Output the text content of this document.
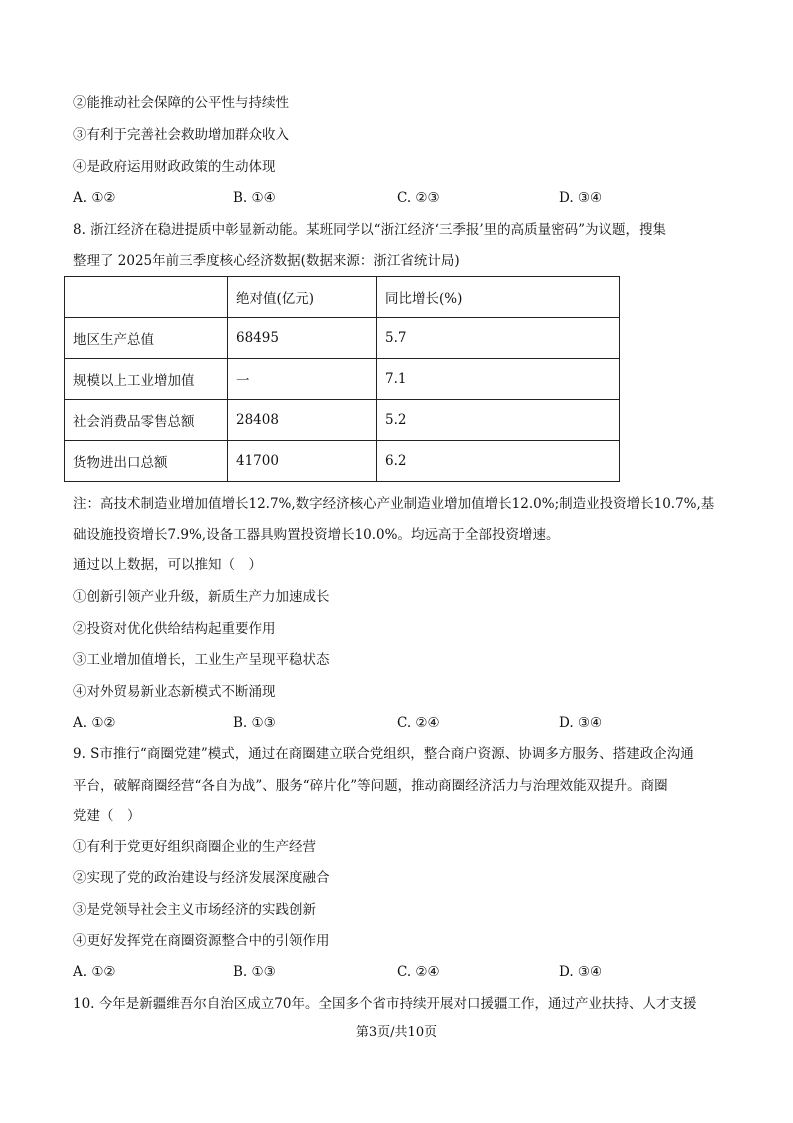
②能推动社会保障的公平性与持续性
③有利于完善社会救助增加群众收入
④是政府运用财政政策的生动体现
A. ①②	B. ①④	C. ②③	D. ③④
8. 浙江经济在稳进提质中彰显新动能。某班同学以“浙江经济‘三季报’里的高质量密码”为议题，搜集
整理了 2025年前三季度核心经济数据(数据来源：浙江省统计局)
	绝对值(亿元)	同比增长(%)
地区生产总值	68495	5.7
规模以上工业增加值	一	7.1
社会消费品零售总额	28408	5.2
货物进出口总额	41700	6.2
注：高技术制造业增加值增长12.7%,数字经济核心产业制造业增加值增长12.0%;制造业投资增长10.7%,基
础设施投资增长7.9%,设备工器具购置投资增长10.0%。均远高于全部投资增速。
通过以上数据，可以推知（　）
①创新引领产业升级，新质生产力加速成长
②投资对优化供给结构起重要作用
③工业增加值增长，工业生产呈现平稳状态
④对外贸易新业态新模式不断涌现
A. ①②	B. ①③	C. ②④	D. ③④
9. S市推行“商圈党建”模式，通过在商圈建立联合党组织，整合商户资源、协调多方服务、搭建政企沟通
平台，破解商圈经营“各自为战”、服务“碎片化”等问题，推动商圈经济活力与治理效能双提升。商圈
党建（　）
①有利于党更好组织商圈企业的生产经营
②实现了党的政治建设与经济发展深度融合
③是党领导社会主义市场经济的实践创新
④更好发挥党在商圈资源整合中的引领作用
A. ①②	B. ①③	C. ②④	D. ③④
10. 今年是新疆维吾尔自治区成立70年。全国多个省市持续开展对口援疆工作，通过产业扶持、人才支援
第3页/共10页
